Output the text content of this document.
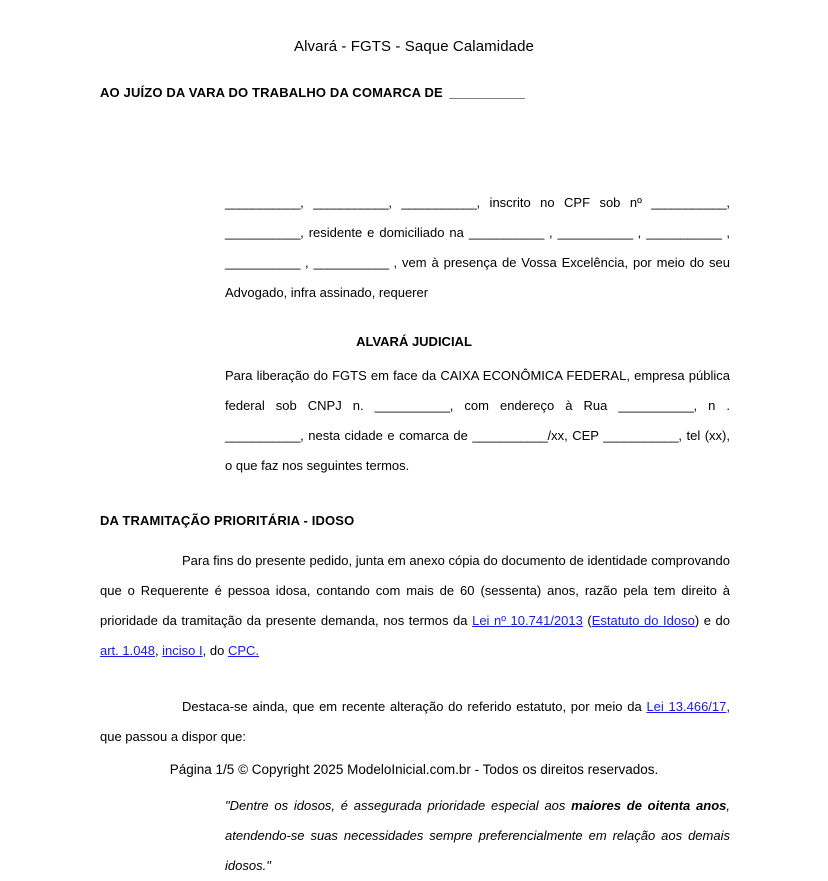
Alvará - FGTS - Saque Calamidade

AO JUÍZO DA VARA DO TRABALHO DA COMARCA DE ___________

___________, ___________, ___________, inscrito no CPF sob nº ___________, ___________, residente e domiciliado na ___________ , ___________ , ___________ , ___________ , ___________ , vem à presença de Vossa Excelência, por meio do seu Advogado, infra assinado, requerer

ALVARÁ JUDICIAL

Para liberação do FGTS em face da CAIXA ECONÔMICA FEDERAL, empresa pública federal sob CNPJ n. ___________, com endereço à Rua ___________, n . ___________, nesta cidade e comarca de ___________/xx, CEP ___________, tel (xx), o que faz nos seguintes termos.

DA TRAMITAÇÃO PRIORITÁRIA - IDOSO

Para fins do presente pedido, junta em anexo cópia do documento de identidade comprovando que o Requerente é pessoa idosa, contando com mais de 60 (sessenta) anos, razão pela tem direito à prioridade da tramitação da presente demanda, nos termos da Lei nº 10.741/2013 (Estatuto do Idoso) e do art. 1.048, inciso I, do CPC.

Destaca-se ainda, que em recente alteração do referido estatuto, por meio da Lei 13.466/17, que passou a dispor que:

"Dentre os idosos, é assegurada prioridade especial aos maiores de oitenta anos, atendendo-se suas necessidades sempre preferencialmente em relação aos demais idosos."

Página 1/5 © Copyright 2025 ModeloInicial.com.br - Todos os direitos reservados.
